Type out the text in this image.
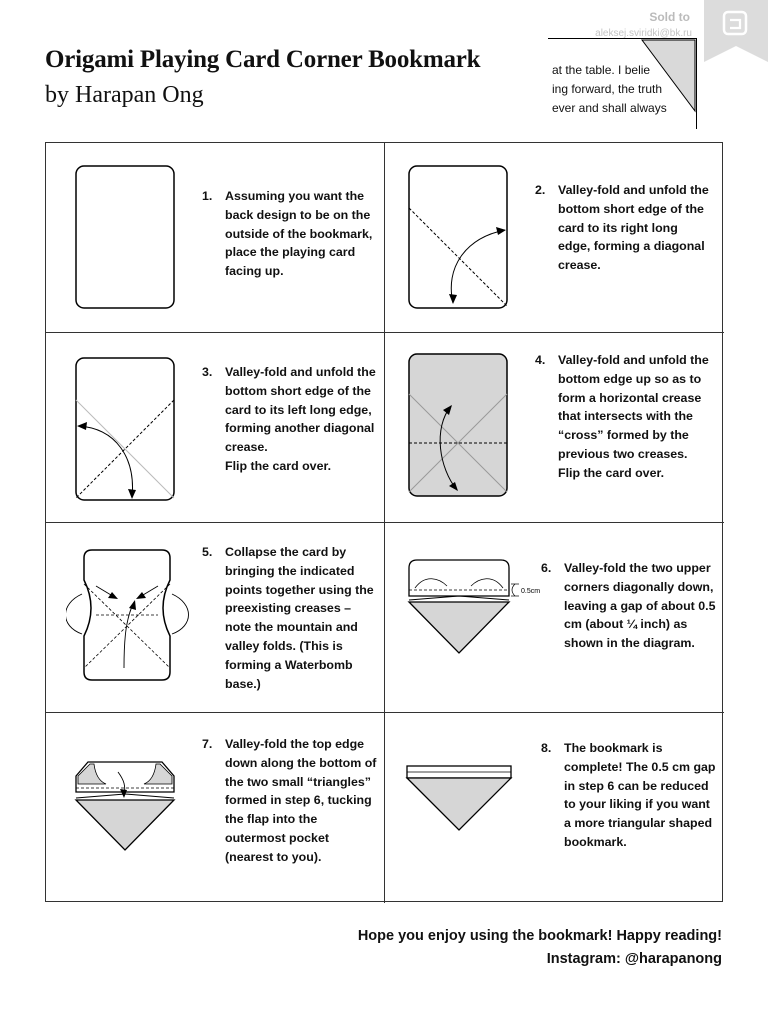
Origami Playing Card Corner Bookmark
by Harapan Ong
Sold to
aleksej.sviridki@bk.ru
at the table. I belie
ing forward, the truth
ever and shall always
1.	Assuming you want the back design to be on the outside of the bookmark, place the playing card facing up.
2.	Valley-fold and unfold the bottom short edge of the card to its right long edge, forming a diagonal crease.
3.	Valley-fold and unfold the bottom short edge of the card to its left long edge, forming another diagonal crease.
Flip the card over.
4.	Valley-fold and unfold the bottom edge up so as to form a horizontal crease that intersects with the “cross” formed by the previous two creases.
Flip the card over.
5.	Collapse the card by bringing the indicated points together using the preexisting creases – note the mountain and valley folds. (This is forming a Waterbomb base.)
0.5cm
6.	Valley-fold the two upper corners diagonally down, leaving a gap of about 0.5 cm (about ¼ inch) as shown in the diagram.
7.	Valley-fold the top edge down along the bottom of the two small “triangles” formed in step 6, tucking the flap into the outermost pocket (nearest to you).
8.	The bookmark is complete! The 0.5 cm gap in step 6 can be reduced to your liking if you want a more triangular shaped bookmark.
Hope you enjoy using the bookmark! Happy reading!
Instagram: @harapanong
